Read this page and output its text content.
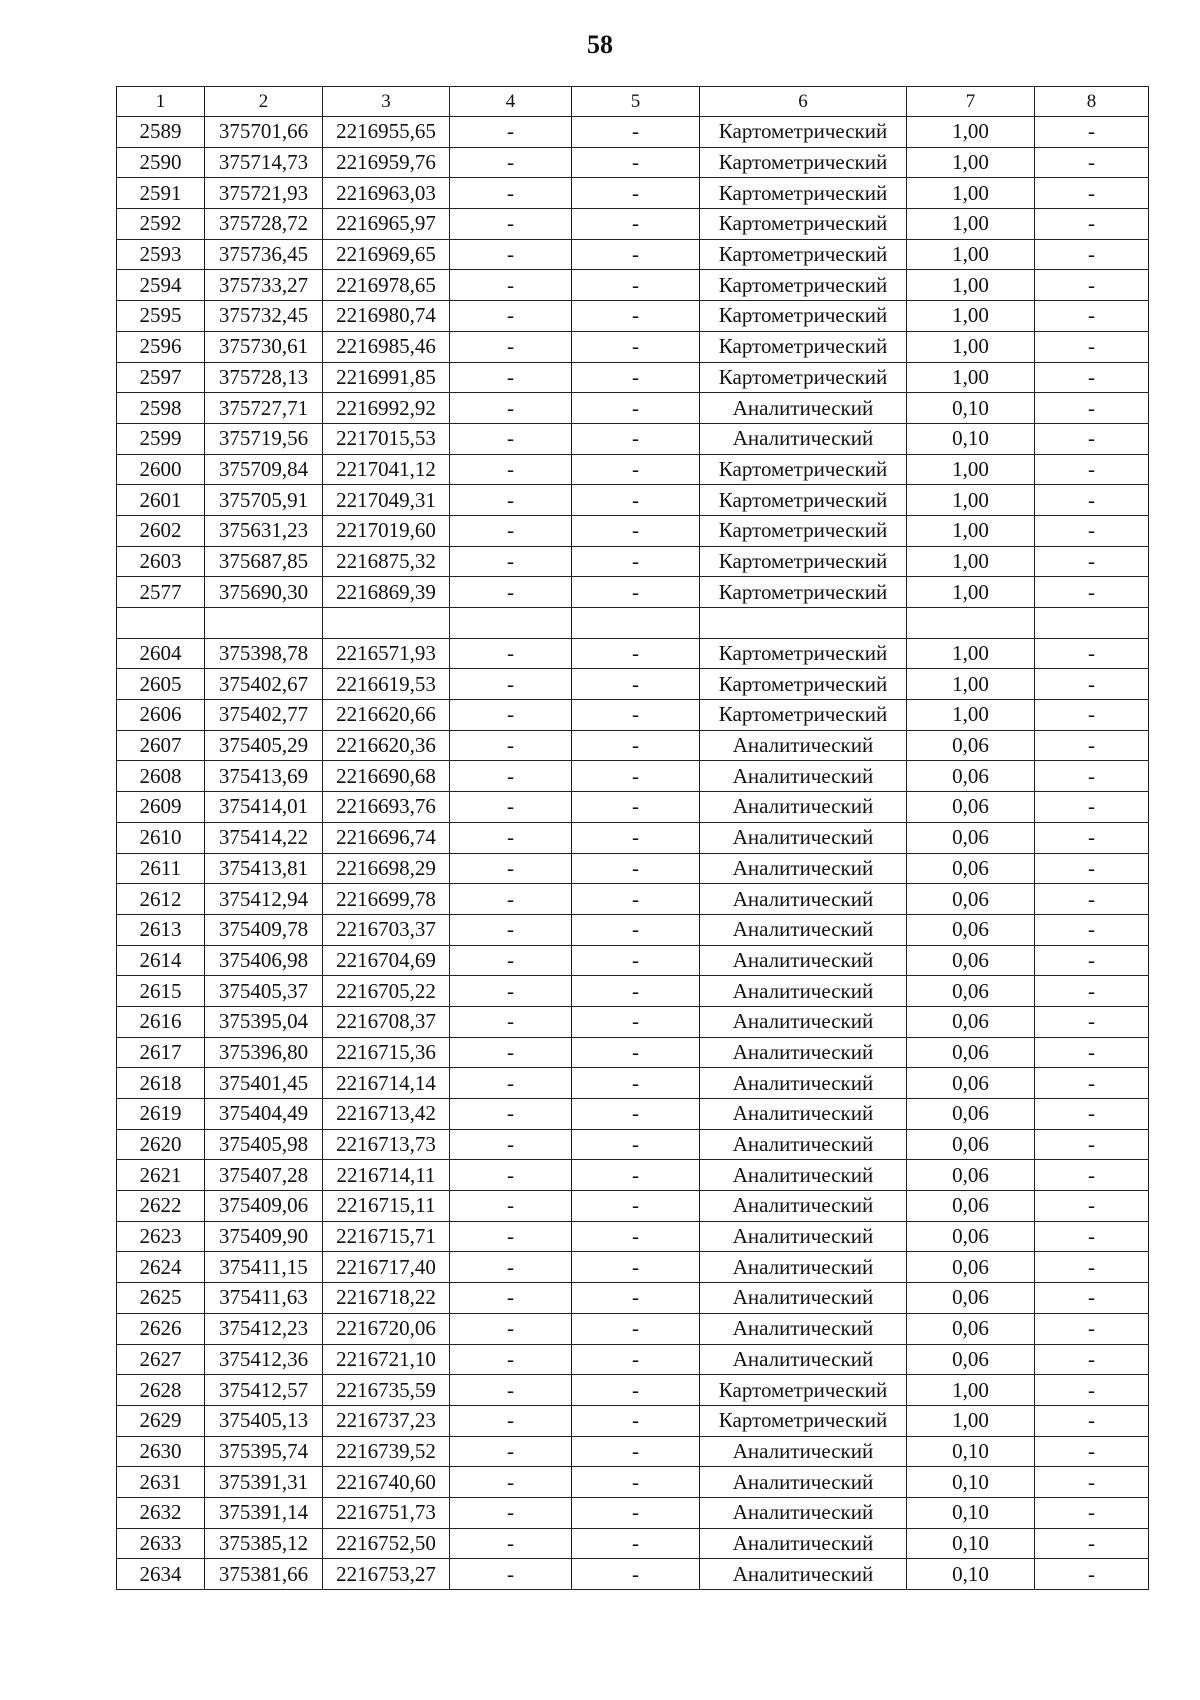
58
1	2	3	4	5	6	7	8
2589	375701,66	2216955,65	-	-	Картометрический	1,00	-
2590	375714,73	2216959,76	-	-	Картометрический	1,00	-
2591	375721,93	2216963,03	-	-	Картометрический	1,00	-
2592	375728,72	2216965,97	-	-	Картометрический	1,00	-
2593	375736,45	2216969,65	-	-	Картометрический	1,00	-
2594	375733,27	2216978,65	-	-	Картометрический	1,00	-
2595	375732,45	2216980,74	-	-	Картометрический	1,00	-
2596	375730,61	2216985,46	-	-	Картометрический	1,00	-
2597	375728,13	2216991,85	-	-	Картометрический	1,00	-
2598	375727,71	2216992,92	-	-	Аналитический	0,10	-
2599	375719,56	2217015,53	-	-	Аналитический	0,10	-
2600	375709,84	2217041,12	-	-	Картометрический	1,00	-
2601	375705,91	2217049,31	-	-	Картометрический	1,00	-
2602	375631,23	2217019,60	-	-	Картометрический	1,00	-
2603	375687,85	2216875,32	-	-	Картометрический	1,00	-
2577	375690,30	2216869,39	-	-	Картометрический	1,00	-

2604	375398,78	2216571,93	-	-	Картометрический	1,00	-
2605	375402,67	2216619,53	-	-	Картометрический	1,00	-
2606	375402,77	2216620,66	-	-	Картометрический	1,00	-
2607	375405,29	2216620,36	-	-	Аналитический	0,06	-
2608	375413,69	2216690,68	-	-	Аналитический	0,06	-
2609	375414,01	2216693,76	-	-	Аналитический	0,06	-
2610	375414,22	2216696,74	-	-	Аналитический	0,06	-
2611	375413,81	2216698,29	-	-	Аналитический	0,06	-
2612	375412,94	2216699,78	-	-	Аналитический	0,06	-
2613	375409,78	2216703,37	-	-	Аналитический	0,06	-
2614	375406,98	2216704,69	-	-	Аналитический	0,06	-
2615	375405,37	2216705,22	-	-	Аналитический	0,06	-
2616	375395,04	2216708,37	-	-	Аналитический	0,06	-
2617	375396,80	2216715,36	-	-	Аналитический	0,06	-
2618	375401,45	2216714,14	-	-	Аналитический	0,06	-
2619	375404,49	2216713,42	-	-	Аналитический	0,06	-
2620	375405,98	2216713,73	-	-	Аналитический	0,06	-
2621	375407,28	2216714,11	-	-	Аналитический	0,06	-
2622	375409,06	2216715,11	-	-	Аналитический	0,06	-
2623	375409,90	2216715,71	-	-	Аналитический	0,06	-
2624	375411,15	2216717,40	-	-	Аналитический	0,06	-
2625	375411,63	2216718,22	-	-	Аналитический	0,06	-
2626	375412,23	2216720,06	-	-	Аналитический	0,06	-
2627	375412,36	2216721,10	-	-	Аналитический	0,06	-
2628	375412,57	2216735,59	-	-	Картометрический	1,00	-
2629	375405,13	2216737,23	-	-	Картометрический	1,00	-
2630	375395,74	2216739,52	-	-	Аналитический	0,10	-
2631	375391,31	2216740,60	-	-	Аналитический	0,10	-
2632	375391,14	2216751,73	-	-	Аналитический	0,10	-
2633	375385,12	2216752,50	-	-	Аналитический	0,10	-
2634	375381,66	2216753,27	-	-	Аналитический	0,10	-
